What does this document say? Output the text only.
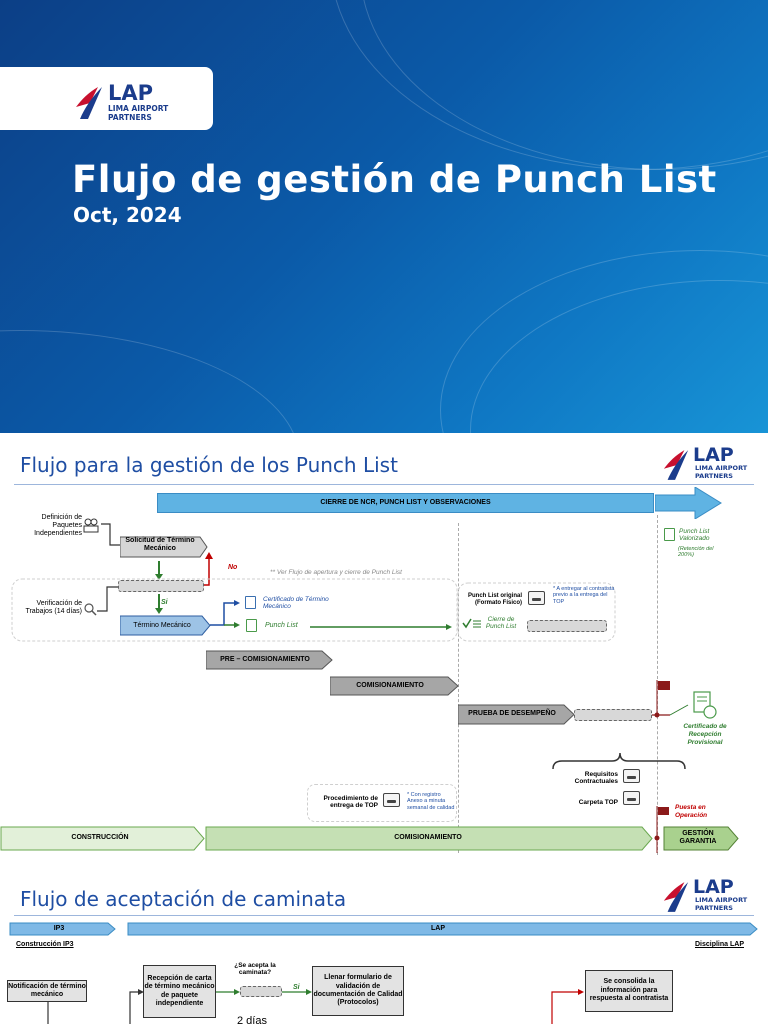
LAP
LIMA AIRPORT
PARTNERS
Flujo de gestión de Punch List
Oct, 2024
Flujo para la gestión de los Punch List	LAP
LIMA AIRPORT
PARTNERS
CIERRE DE NCR, PUNCH LIST Y OBSERVACIONES
Definición de Paquetes Independientes
Solicitud de Término Mecánico
No
** Ver Flujo de apertura y cierre de Punch List
Si
Verificación de Trabajos (14 días)
Término Mecánico
Certificado de Término Mecánico
Punch List
Punch List original (Formato Físico)
* A entregar al contratista previo a la entrega del TOP
Cierre de Punch List
Punch List Valorizado
(Retención del 200%)
PRE – COMISIONAMIENTO
COMISIONAMIENTO
PRUEBA DE DESEMPEÑO
Certificado de Recepción Provisional
Requisitos Contractuales
Carpeta TOP
Procedimiento de entrega de TOP
* Con registro Anexo a minuta semanal de calidad	Puesta en Operación
CONSTRUCCIÓN	COMISIONAMIENTO
GESTIÓN GARANTIA
Flujo de aceptación de caminata	LAP
LIMA AIRPORT
PARTNERS
IP3	LAP
Construcción IP3	Disciplina LAP
Notificación de término mecánico
Recepción de carta de término mecánico de paquete independiente
¿Se acepta la caminata?
Si
Llenar formulario de validación de documentación de Calidad (Protocolos)
Se consolida la información para respuesta al contratista
2 días
